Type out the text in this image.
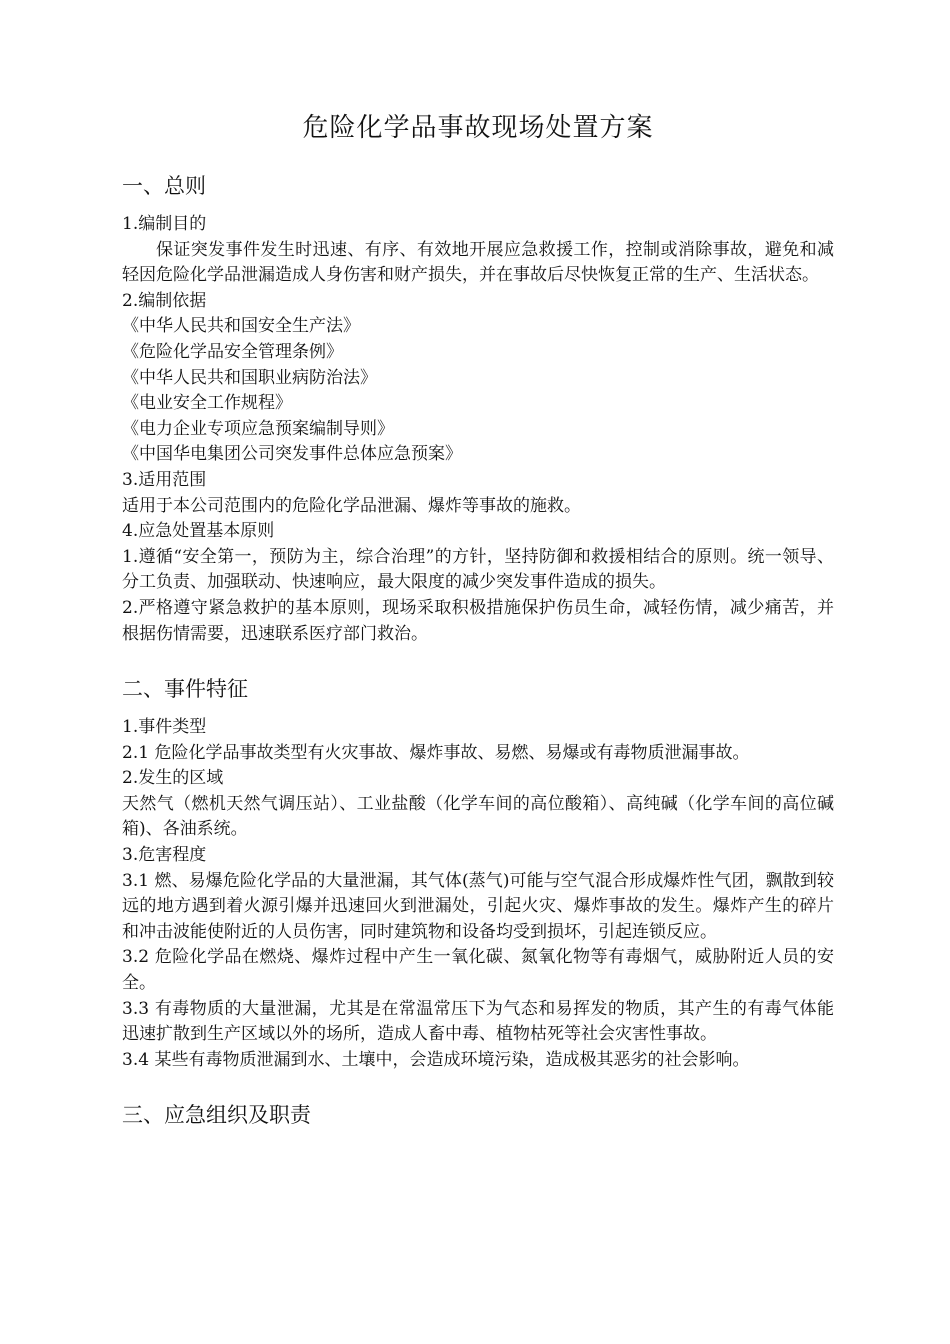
危险化学品事故现场处置方案
一、总则

1.编制目的

保证突发事件发生时迅速、有序、有效地开展应急救援工作，控制或消除事故，避免和减轻因危险化学品泄漏造成人身伤害和财产损失，并在事故后尽快恢复正常的生产、生活状态。

2.编制依据

《中华人民共和国安全生产法》

《危险化学品安全管理条例》

《中华人民共和国职业病防治法》

《电业安全工作规程》

《电力企业专项应急预案编制导则》

《中国华电集团公司突发事件总体应急预案》

3.适用范围

适用于本公司范围内的危险化学品泄漏、爆炸等事故的施救。

4.应急处置基本原则

1.遵循“安全第一，预防为主，综合治理”的方针，坚持防御和救援相结合的原则。统一领导、分工负责、加强联动、快速响应，最大限度的减少突发事件造成的损失。

2.严格遵守紧急救护的基本原则，现场采取积极措施保护伤员生命，减轻伤情，减少痛苦，并根据伤情需要，迅速联系医疗部门救治。

二、事件特征

1.事件类型

2.1 危险化学品事故类型有火灾事故、爆炸事故、易燃、易爆或有毒物质泄漏事故。

2.发生的区域

天然气（燃机天然气调压站）、工业盐酸（化学车间的高位酸箱）、高纯碱（化学车间的高位碱箱)、各油系统。

3.危害程度

3.1 燃、易爆危险化学品的大量泄漏，其气体(蒸气)可能与空气混合形成爆炸性气团，飘散到较远的地方遇到着火源引爆并迅速回火到泄漏处，引起火灾、爆炸事故的发生。爆炸产生的碎片和冲击波能使附近的人员伤害，同时建筑物和设备均受到损坏，引起连锁反应。

3.2 危险化学品在燃烧、爆炸过程中产生一氧化碳、氮氧化物等有毒烟气，威胁附近人员的安全。

3.3 有毒物质的大量泄漏，尤其是在常温常压下为气态和易挥发的物质，其产生的有毒气体能迅速扩散到生产区域以外的场所，造成人畜中毒、植物枯死等社会灾害性事故。

3.4 某些有毒物质泄漏到水、土壤中，会造成环境污染，造成极其恶劣的社会影响。

三、应急组织及职责
